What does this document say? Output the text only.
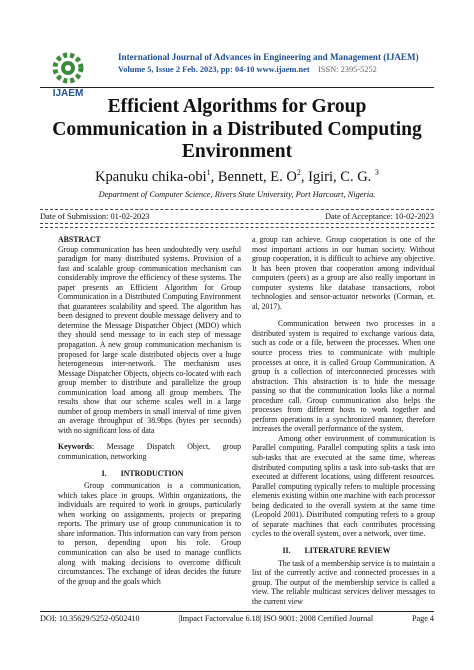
IJAEM
International Journal of Advances in Engineering and Management (IJAEM)
Volume 5, Issue 2 Feb. 2023, pp: 04-10 www.ijaem.net ISSN: 2395-5252
Efficient Algorithms for Group Communication in a Distributed Computing Environment
Kpanuku chika-obi$^1$, Bennett, E. $O^2$, Igiri, C. G. $^3$
Department of Computer Science, Rivers State University, Port Harcourt, Nigeria.
Date of Submission: 01-02-2023	Date of Acceptance: 10-02-2023

ABSTRACT

Group communication has been undoubtedly very useful paradigm for many distributed systems. Provision of a fast and scalable group communication mechanism can considerably improve the efficiency of these systems. The paper presents an Efficient Algorithm for Group Communication in a Distributed Computing Environment that guarantees scalability and speed. The algorithm has been designed to prevent double message delivery and to determine the Message Dispatcher Object (MDO) which they should send message to in each step of message propagation. A new group communication mechanism is proposed for large scale distributed objects over a huge heterogeneous inter-network. The mechanism uses Message Dispatcher Objects, objects co-located with each group member to distribute and parallelize the group communication load among all group members. The results show that our scheme scales well in a large number of group members in small interval of time given an average throughput of 38.9bps (bytes per seconds) with no significant loss of data

Keywords: Message Dispatch Object, group communication, networking

I. INTRODUCTION

Group communication is a communication, which takes place in groups. Within organizations, the individuals are required to work in groups, particularly when working on assignments, projects or preparing reports. The primary use of group communication is to share information. This information can vary from person to person, depending upon his role. Group communication can also be used to manage conflicts along with making decisions to overcome difficult circumstances. The exchange of ideas decides the future of the group and the goals which

a group can achieve. Group cooperation is one of the most important actions in our human society. Without group cooperation, it is difficult to achieve any objective. It has been proven that cooperation among individual computers (peers) as a group are also really important in computer systems like database transactions, robot technologies and sensor-actuator networks (Corman, et. al, 2017).

Communication between two processes in a distributed system is required to exchange various data, such as code or a file, between the processes. When one source process tries to communicate with multiple processes at once, it is called Group Communication. A group is a collection of interconnected processes with abstraction. This abstraction is to hide the message passing so that the communication looks like a normal procedure call. Group communication also helps the processes from different hosts to work together and perform operations in a synchronized manner, therefore increases the overall performance of the system.

Among other environment of communication is Parallel computing. Parallel computing splits a task into sub-tasks that are executed at the same time, whereas distributed computing splits a task into sub-tasks that are executed at different locations, using different resources. Parallel computing typically refers to multiple processing elements existing within one machine with each processor being dedicated to the overall system at the same time (Leopold 2001). Distributed computing refers to a group of separate machines that each contributes processing cycles to the overall system, over a network, over time.

II. LITERATURE REVIEW

The task of a membership service is to maintain a list of the currently active and connected processes in a group. The output of the membership service is called a view. The reliable multicast services deliver messages to the current view

DOI: 10.35629/5252-0502410	|Impact Factorvalue 6.18| ISO 9001: 2008 Certified Journal	Page 4
